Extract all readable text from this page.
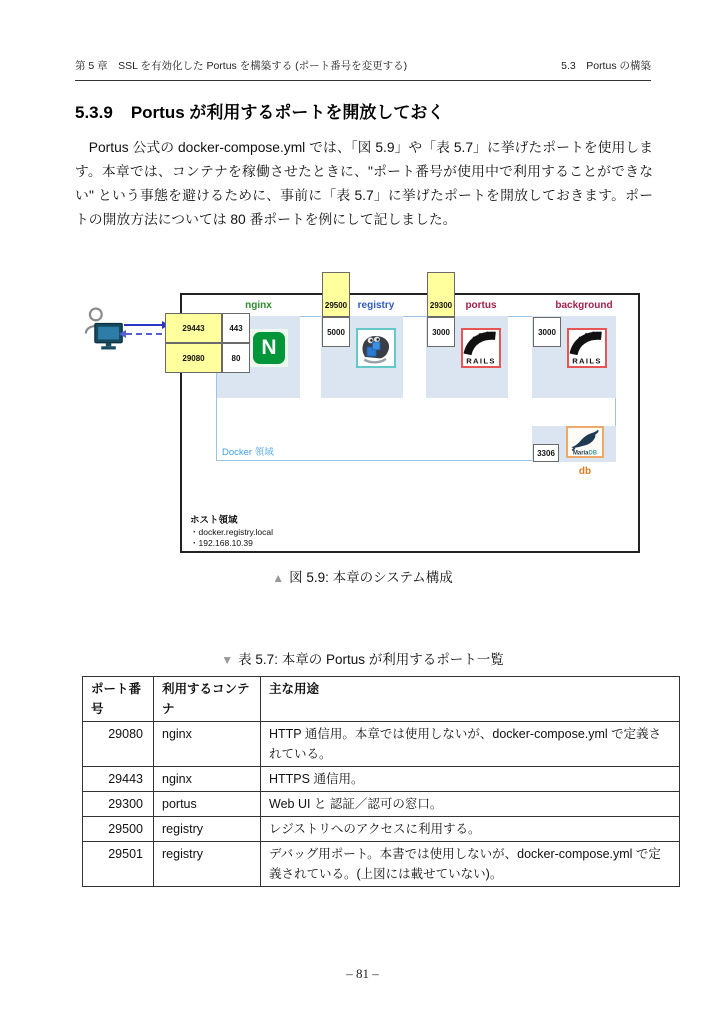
第 5 章　SSL を有効化した Portus を構築する (ポート番号を変更する)	5.3　Portus の構築
5.3.9 Portus が利用するポートを開放しておく

Portus 公式の docker-compose.yml では、「図 5.9」や「表 5.7」に挙げたポートを使用します。本章では、コンテナを稼働させたときに、"ポート番号が使用中で利用することができない" という事態を避けるために、事前に「表 5.7」に挙げたポートを開放しておきます。ポートの開放方法については 80 番ポートを例にして記しました。

Docker 領域
nginx	registry	portus	background
db
29443
29080
29500	29300
443
80
5000	3000	3000
3306
N
RAILS	RAILS
MariaDB
ホスト領域
・docker.registry.local
・192.168.10.39
▲ 図 5.9: 本章のシステム構成
▼ 表 5.7: 本章の Portus が利用するポート一覧
ポート番号	利用するコンテナ	主な用途
29080	nginx	HTTP 通信用。本章では使用しないが、docker-compose.yml で定義されている。
29443	nginx	HTTPS 通信用。
29300	portus	Web UI と 認証／認可の窓口。
29500	registry	レジストリへのアクセスに利用する。
29501	registry	デバッグ用ポート。本書では使用しないが、docker-compose.yml で定義されている。(上図には載せていない)。
– 81 –
